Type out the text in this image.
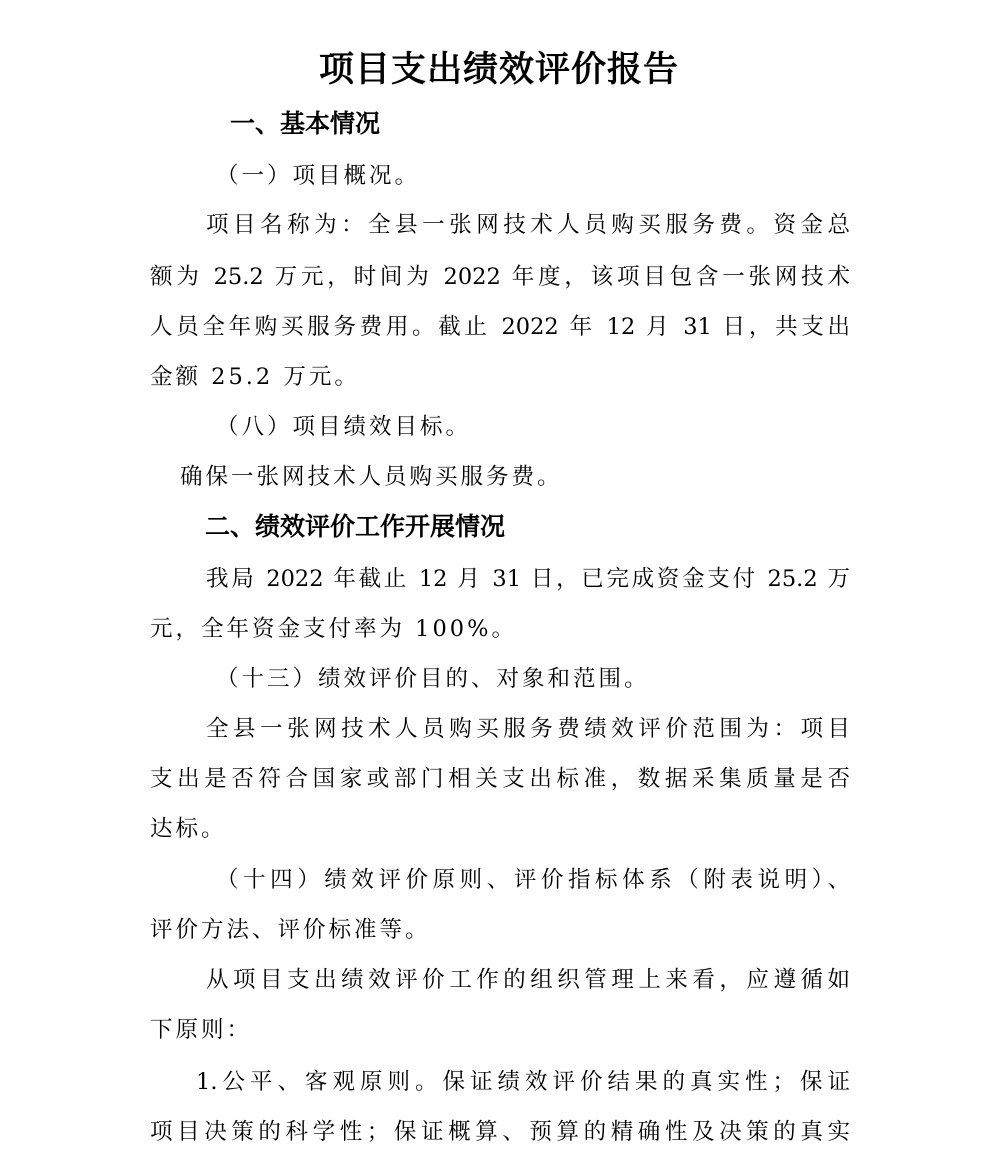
项目支出绩效评价报告
一、基本情况
（一）项目概况。
项目名称为：全县一张网技术人员购买服务费。资金总
额为 25.2 万元，时间为 2022 年度，该项目包含一张网技术
人员全年购买服务费用。截止 2022 年 12 月 31 日，共支出
金额 25.2 万元。
（八）项目绩效目标。
确保一张网技术人员购买服务费。
二、绩效评价工作开展情况
我局 2022 年截止 12 月 31 日，已完成资金支付 25.2 万
元，全年资金支付率为 100%。
（十三）绩效评价目的、对象和范围。
全县一张网技术人员购买服务费绩效评价范围为：项目
支出是否符合国家或部门相关支出标准，数据采集质量是否
达标。
（十四）绩效评价原则、评价指标体系（附表说明）、
评价方法、评价标准等。
从项目支出绩效评价工作的组织管理上来看，应遵循如
下原则：
1.公平、客观原则。保证绩效评价结果的真实性；保证
项目决策的科学性；保证概算、预算的精确性及决策的真实
